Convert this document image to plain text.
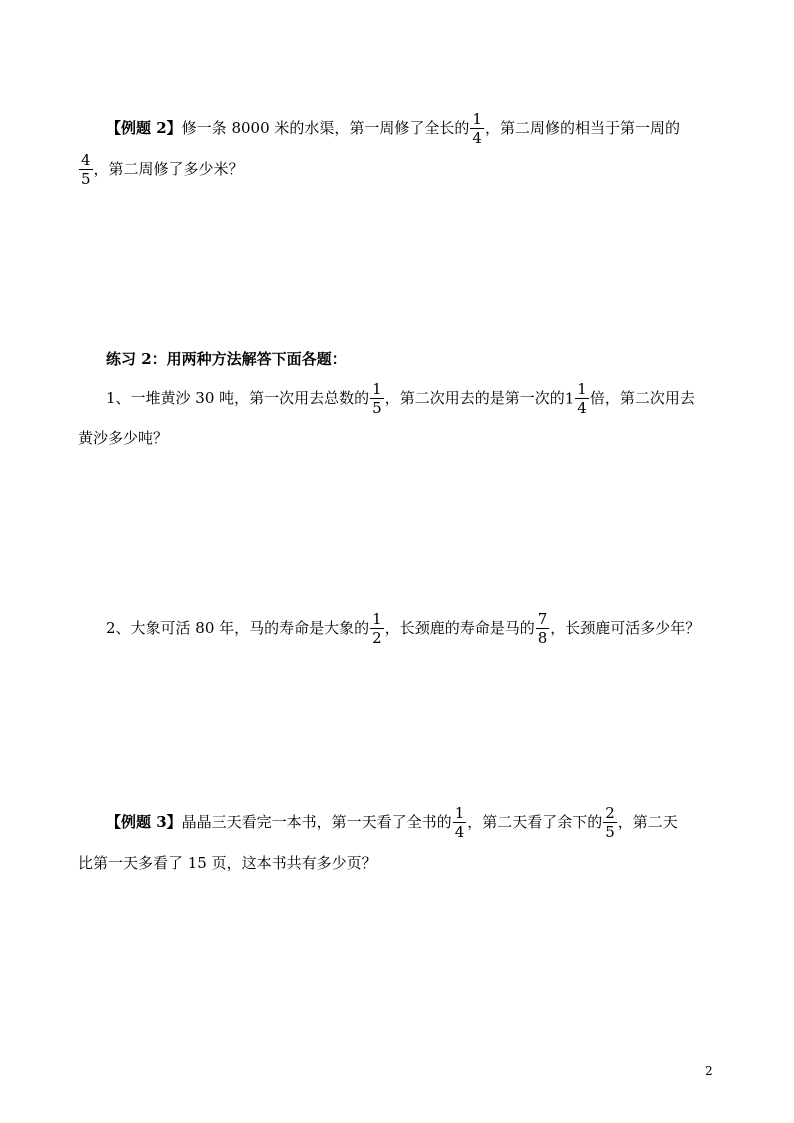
【例题 2】修一条 8000 米的水渠，第一周修了全长的 $\frac{1}{4}$ ，第二周修的相当于第一周的
$\frac{4}{5}$ ，第二周修了多少米？
练习 2：用两种方法解答下面各题：
1、一堆黄沙 30 吨，第一次用去总数的 $\frac{1}{5}$ ，第二次用去的是第一次的$1 \frac{1}{4}$ 倍，第二次用去
黄沙多少吨？
2、大象可活 80 年，马的寿命是大象的 $\frac{1}{2}$ ，长颈鹿的寿命是马的 $\frac{7}{8}$ ，长颈鹿可活多少年？
【例题 3】晶晶三天看完一本书，第一天看了全书的 $\frac{1}{4}$ ，第二天看了余下的 $\frac{2}{5}$ ，第二天
比第一天多看了 15 页，这本书共有多少页？
2
